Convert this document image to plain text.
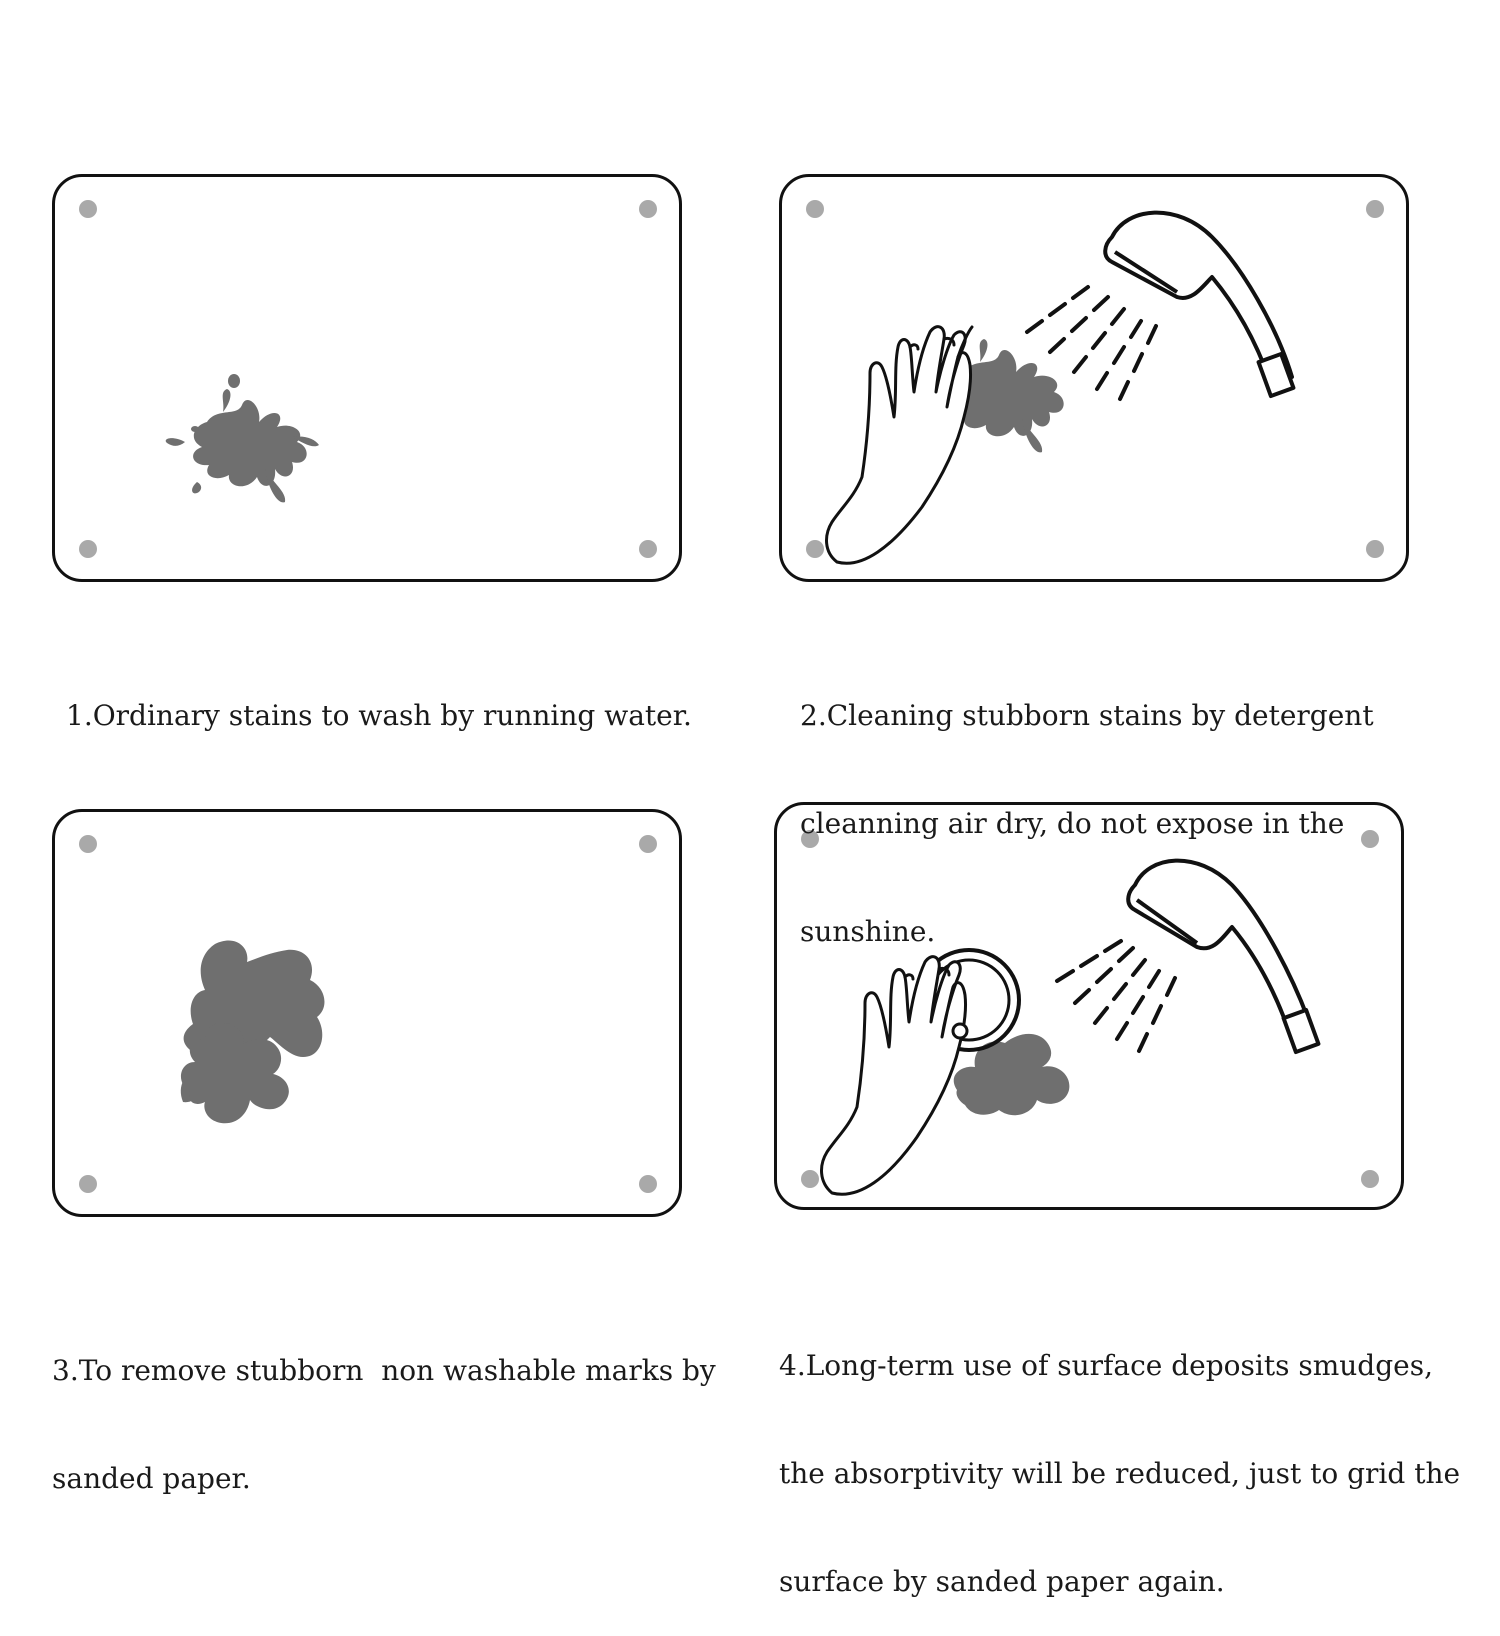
1.Ordinary stains to wash by running water.

	2.Cleaning stubborn stains by detergent

cleanning air dry, do not expose in the

sunshine.

3.To remove stubborn  non washable marks by

sanded paper.

4.Long-term use of surface deposits smudges,

the absorptivity will be reduced, just to grid the

surface by sanded paper again.
